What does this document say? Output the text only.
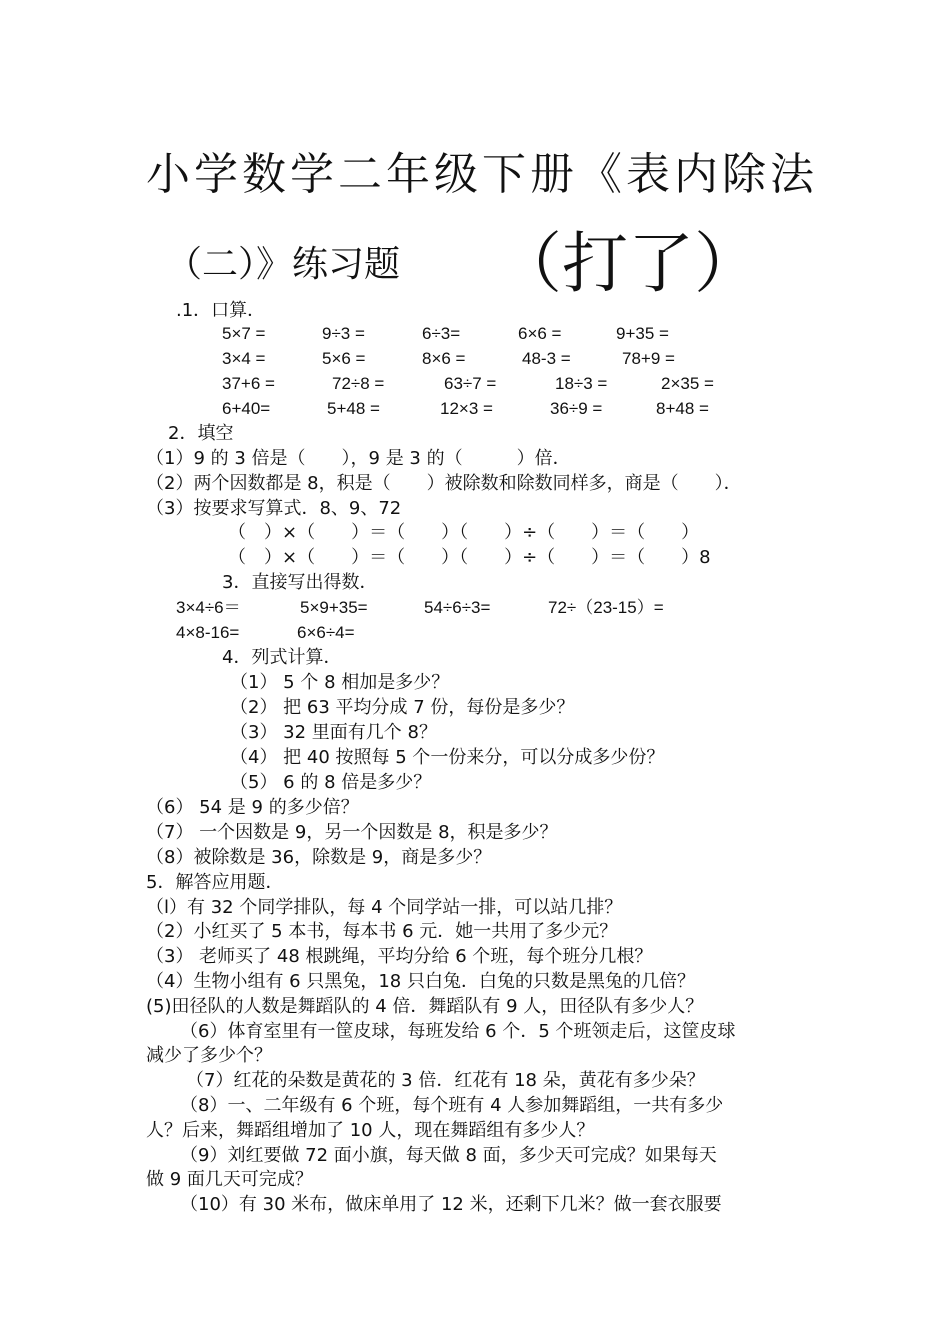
小学数学二年级下册《表内除法
（二）》练习题 （打了）
.1．口算．
5×7 =	9÷3 =	6÷3=	6×6 =	9+35 =
3×4 =	5×6 =	8×6 =	48-3 =	78+9 =
37+6 =	72÷8 =	63÷7 =	18÷3 =	2×35 =
6+40=	5+48 =	12×3 =	36÷9 =	8+48 =
2．填空
（1）9 的 3 倍是（　　），9 是 3 的（　　　）倍．
（2）两个因数都是 8，积是（　　）被除数和除数同样多，商是（　　）．
（3）按要求写算式．8、9、72
（　）×（　　）＝（　　）（　　）÷（　　）＝（　　）
（　）×（　　）＝（　　）（　　）÷（　　）＝（　　）8
3．直接写出得数．
3×4÷6＝	5×9+35=	54÷6÷3=	72÷（23-15）=
4×8-16=	6×6÷4=
4．列式计算．
（1） 5 个 8 相加是多少？
（2） 把 63 平均分成 7 份，每份是多少？
（3） 32 里面有几个 8？
（4） 把 40 按照每 5 个一份来分，可以分成多少份？
（5） 6 的 8 倍是多少？
（6） 54 是 9 的多少倍？
（7） 一个因数是 9，另一个因数是 8，积是多少？
（8）被除数是 36，除数是 9，商是多少？
5．解答应用题．
（l）有 32 个同学排队，每 4 个同学站一排，可以站几排？
（2）小红买了 5 本书，每本书 6 元．她一共用了多少元？
（3） 老师买了 48 根跳绳，平均分给 6 个班，每个班分几根？
（4）生物小组有 6 只黑兔，18 只白兔．白兔的只数是黑兔的几倍？
(5)田径队的人数是舞蹈队的 4 倍．舞蹈队有 9 人，田径队有多少人？
（6）体育室里有一筐皮球，每班发给 6 个．5 个班领走后，这筐皮球
减少了多少个？
（7）红花的朵数是黄花的 3 倍．红花有 18 朵，黄花有多少朵？
（8）一、二年级有 6 个班，每个班有 4 人参加舞蹈组，一共有多少
人？后来，舞蹈组增加了 10 人，现在舞蹈组有多少人？
（9）刘红要做 72 面小旗，每天做 8 面，多少天可完成？如果每天
做 9 面几天可完成？
（10）有 30 米布，做床单用了 12 米，还剩下几米？做一套衣服要
